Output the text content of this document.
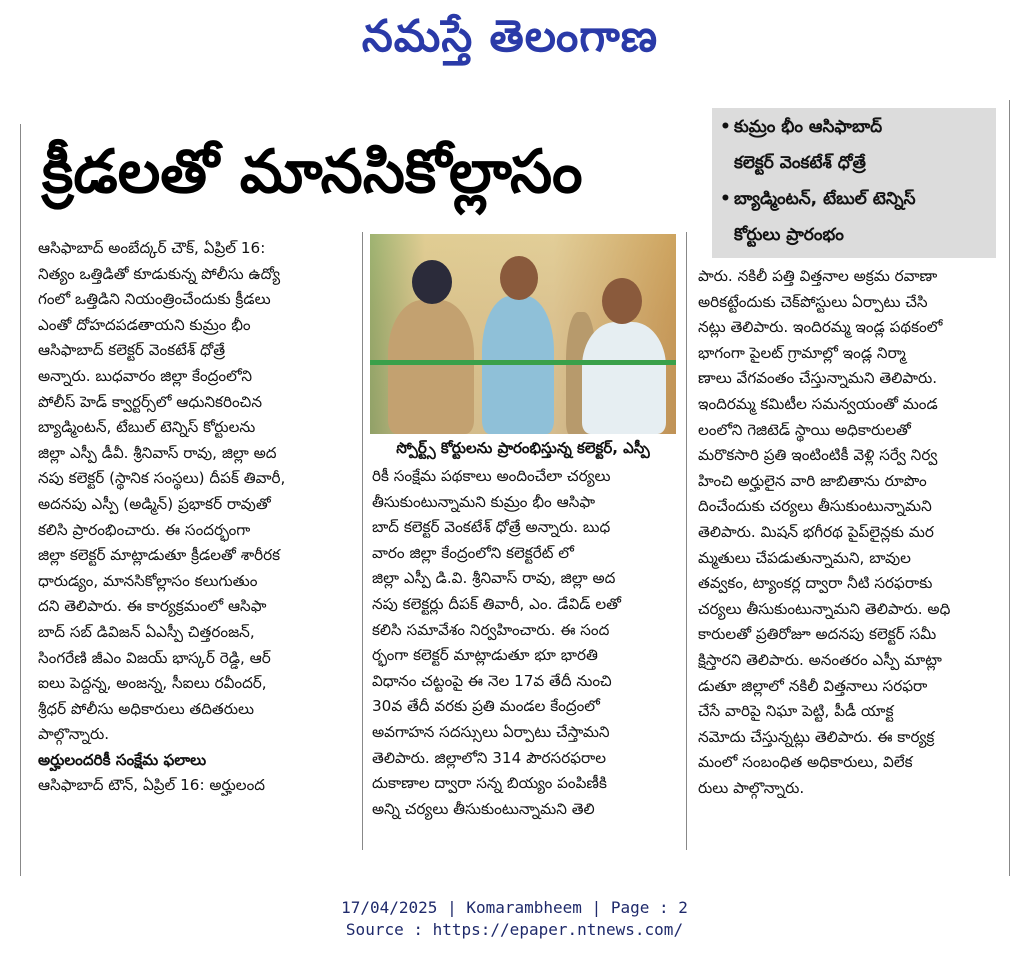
నమస్తే తెలంగాణ
క్రీడలతో మానసికోల్లాసం
• కుమ్రం భీం ఆసిఫాబాద్
కలెక్టర్ వెంకటేశ్ ధోత్రే
• బ్యాడ్మింటన్, టేబుల్ టెన్నిస్
కోర్టులు ప్రారంభం

ఆసిఫాబాద్ అంబేద్కర్ చౌక్, ఏప్రిల్ 16:

నిత్యం ఒత్తిడితో కూడుకున్న పోలీసు ఉద్యో

గంలో ఒత్తిడిని నియంత్రించేందుకు క్రీడలు

ఎంతో దోహదపడతాయని కుమ్రం భీం

ఆసిఫాబాద్ కలెక్టర్ వెంకటేశ్ ధోత్రే

అన్నారు. బుధవారం జిల్లా కేంద్రంలోని

పోలీస్ హెడ్ క్వార్టర్స్‌లో ఆధునికరించిన

బ్యాడ్మింటన్, టేబుల్ టెన్నిస్ కోర్టులను

జిల్లా ఎస్పీ డీవీ. శ్రీనివాస్ రావు, జిల్లా అద

నపు కలెక్టర్ (స్థానిక సంస్థలు) దీపక్ తివారీ,

అదనపు ఎస్పీ (అడ్మిన్) ప్రభాకర్ రావుతో

కలిసి ప్రారంభించారు. ఈ సందర్భంగా

జిల్లా కలెక్టర్ మాట్లాడుతూ క్రీడలతో శారీరక

ధారుడ్యం, మానసికోల్లాసం కలుగుతుం

దని తెలిపారు. ఈ కార్యక్రమంలో ఆసిఫా

బాద్ సబ్ డివిజన్ ఏఎస్పీ చిత్తరంజన్,

సింగరేణి జీఎం విజయ్ భాస్కర్ రెడ్డి, ఆర్

ఐలు పెద్దన్న, అంజన్న, సీఐలు రవీందర్,

శ్రీధర్ పోలీసు అధికారులు తదితరులు

పాల్గొన్నారు.

అర్హులందరికీ సంక్షేమ ఫలాలు

ఆసిఫాబాద్ టౌన్, ఏప్రిల్ 16: అర్హులంద

స్పోర్ట్స్ కోర్టులను ప్రారంభిస్తున్న కలెక్టర్, ఎస్పీ

రికీ సంక్షేమ పథకాలు అందించేలా చర్యలు

తీసుకుంటున్నామని కుమ్రం భీం ఆసిఫా

బాద్ కలెక్టర్ వెంకటేశ్ ధోత్రే అన్నారు. బుధ

వారం జిల్లా కేంద్రంలోని కలెక్టరేట్ లో

జిల్లా ఎస్పీ డి.వి. శ్రీనివాస్ రావు, జిల్లా అద

నపు కలెక్టర్లు దీపక్ తివారీ, ఎం. డేవిడ్ లతో

కలిసి సమావేశం నిర్వహించారు. ఈ సంద

ర్భంగా కలెక్టర్ మాట్లాడుతూ భూ భారతి

విధానం చట్టంపై ఈ నెల 17వ తేదీ నుంచి

30వ తేదీ వరకు ప్రతి మండల కేంద్రంలో

అవగాహన సదస్సులు ఏర్పాటు చేస్తామని

తెలిపారు. జిల్లాలోని 314 పౌరసరఫరాల

దుకాణాల ద్వారా సన్న బియ్యం పంపిణీకి

అన్ని చర్యలు తీసుకుంటున్నామని తెలి

పారు. నకిలీ పత్తి విత్తనాల అక్రమ రవాణా

అరికట్టేందుకు చెక్‌పోస్టులు ఏర్పాటు చేసి

నట్లు తెలిపారు. ఇందిరమ్మ ఇండ్ల పథకంలో

భాగంగా పైలట్ గ్రామాల్లో ఇండ్ల నిర్మా

ణాలు వేగవంతం చేస్తున్నామని తెలిపారు.

ఇందిరమ్మ కమిటీల సమన్వయంతో మండ

లంలోని గెజిటెడ్ స్థాయి అధికారులతో

మరొకసారి ప్రతి ఇంటింటికీ వెళ్లి సర్వే నిర్వ

హించి అర్హులైన వారి జాబితాను రూపొం

దించేందుకు చర్యలు తీసుకుంటున్నామని

తెలిపారు. మిషన్ భగీరథ పైప్‌లైన్లకు మర

మ్మతులు చేపడుతున్నామని, బావుల

తవ్వకం, ట్యాంకర్ల ద్వారా నీటి సరఫరాకు

చర్యలు తీసుకుంటున్నామని తెలిపారు. అధి

కారులతో ప్రతిరోజూ అదనపు కలెక్టర్ సమీ

క్షిస్తారని తెలిపారు. అనంతరం ఎస్పీ మాట్లా

డుతూ జిల్లాలో నకిలీ విత్తనాలు సరఫరా

చేసే వారిపై నిఘా పెట్టి, పీడీ యాక్ట

నమోదు చేస్తున్నట్లు తెలిపారు. ఈ కార్యక్ర

మంలో సంబంధిత అధికారులు, విలేక

రులు పాల్గొన్నారు.

17/04/2025 | Komarambheem | Page : 2
Source : https://epaper.ntnews.com/
